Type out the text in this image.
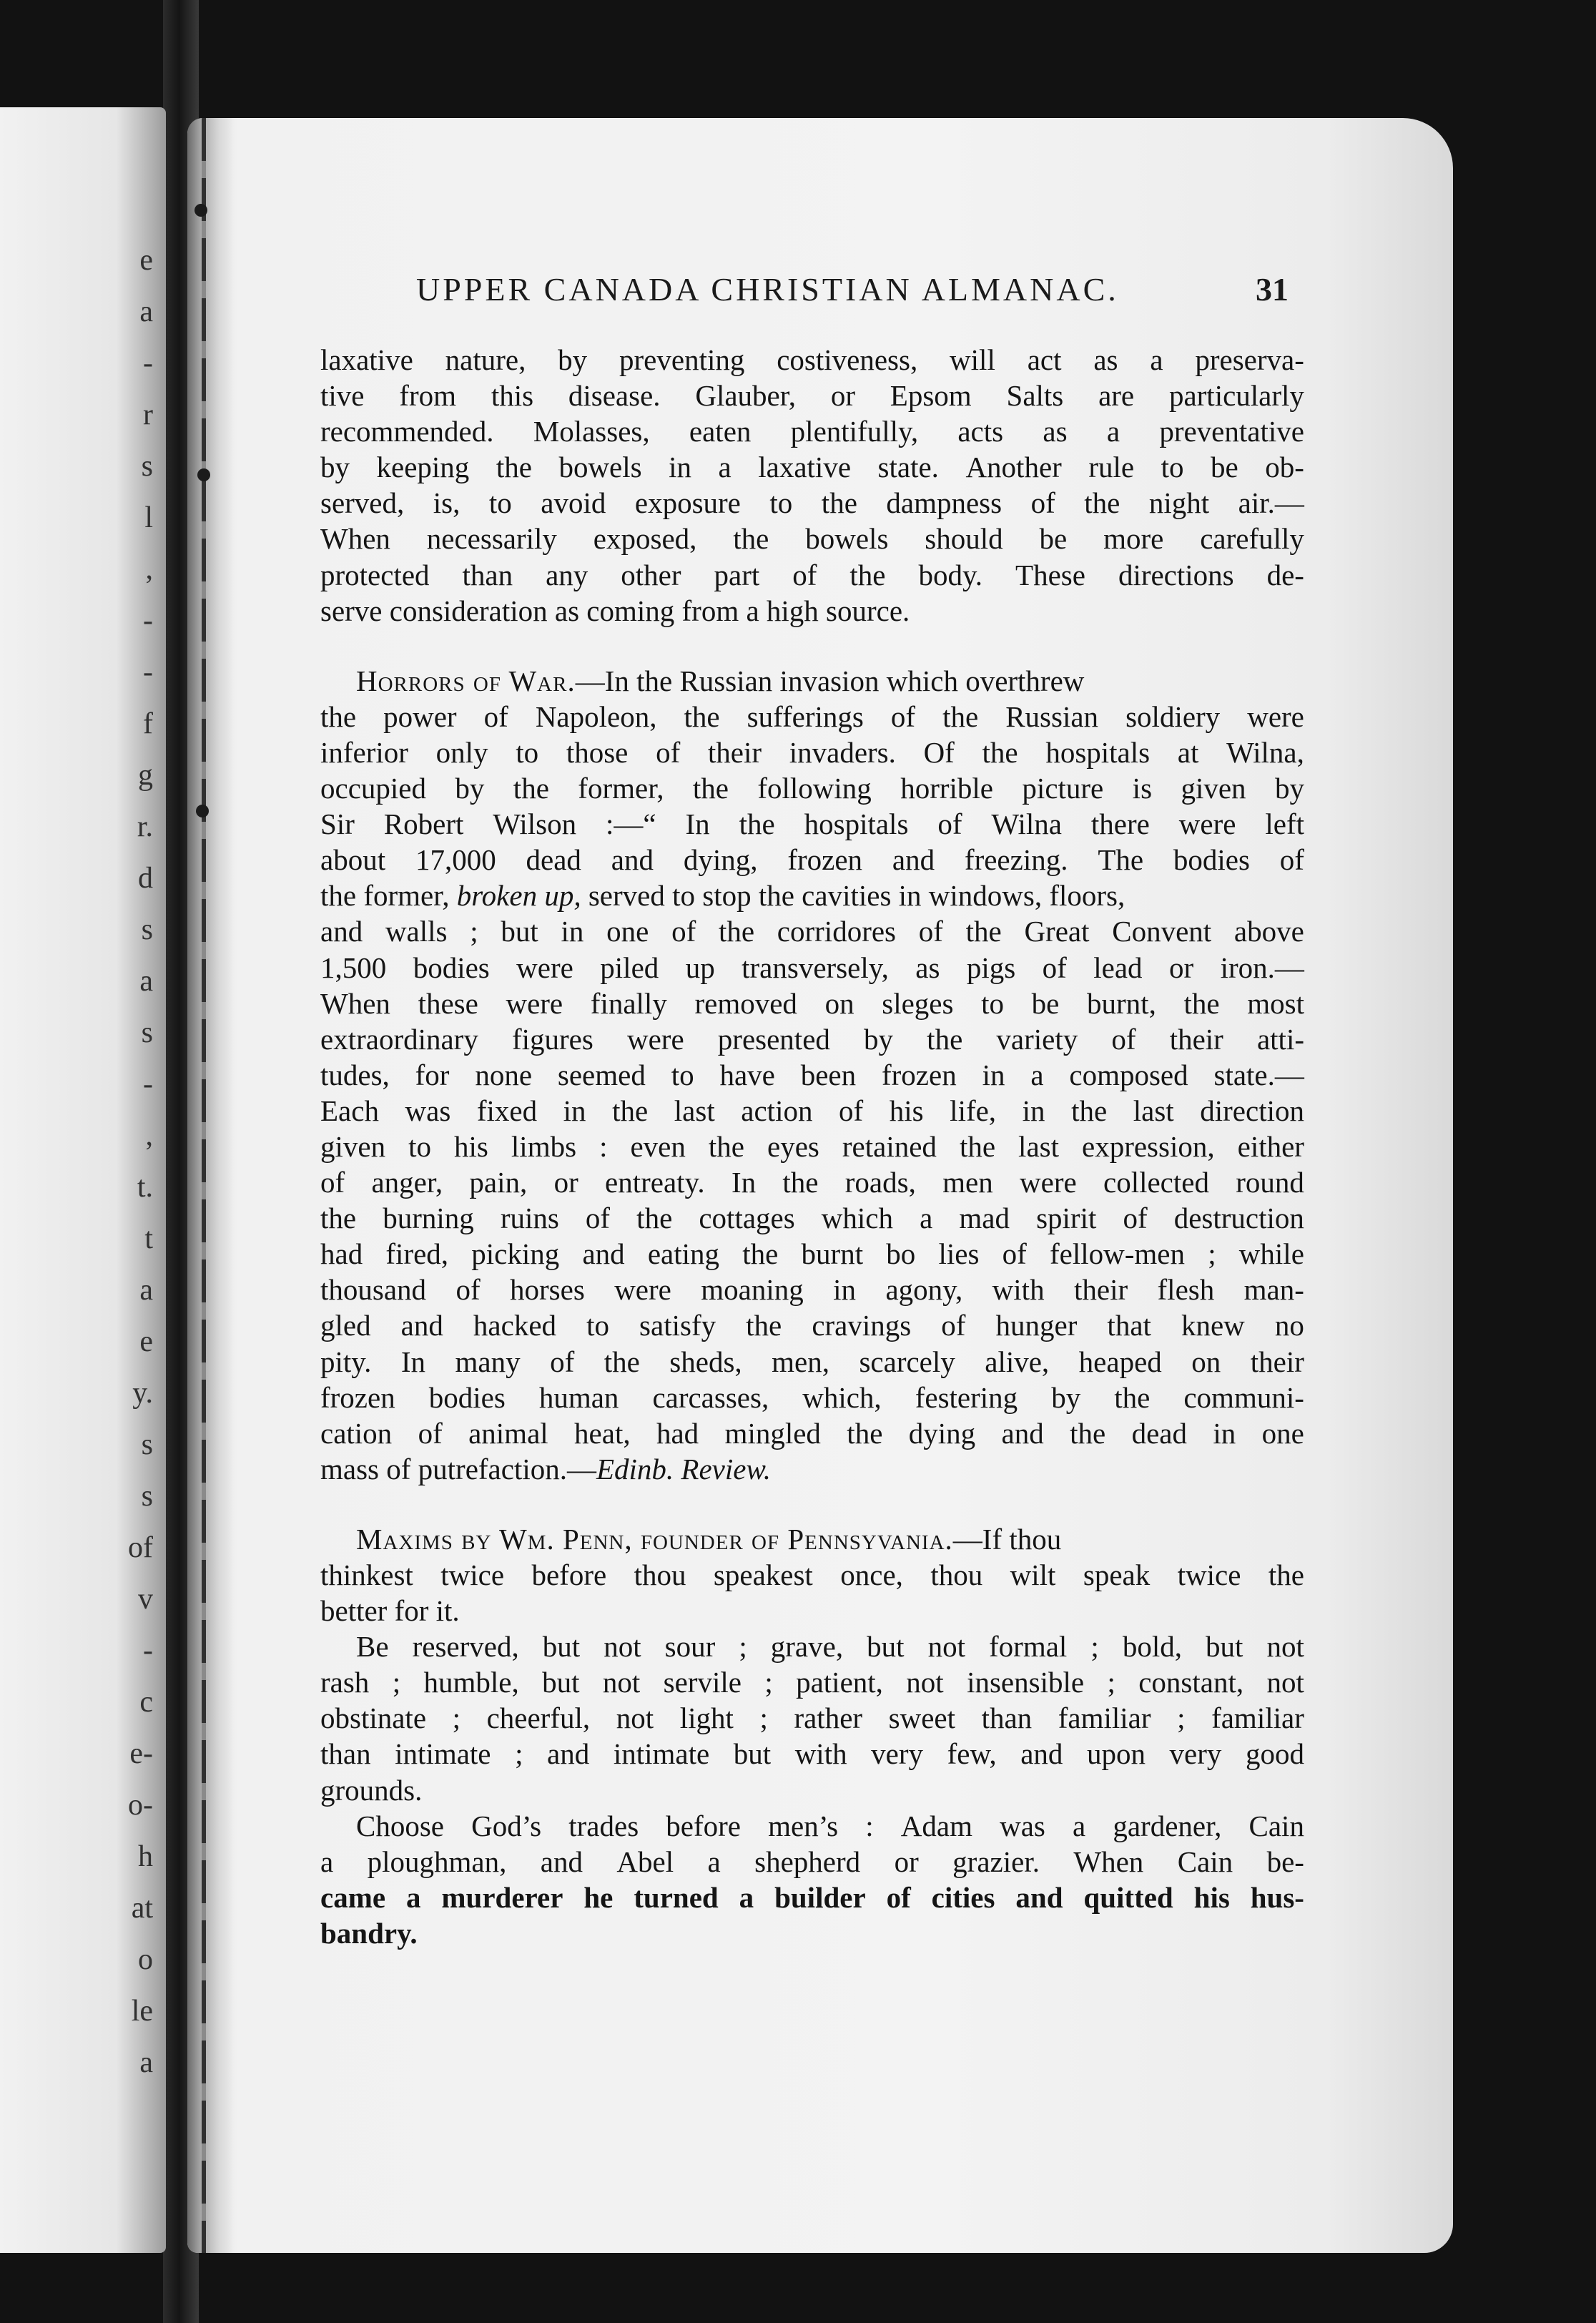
e
a
-
r
s
l
,
-
-
f
g
r.
d
s
a
s
-
,
t.
t
a
e
y.
s
s
of
v
-
c
e-
o-
h
at
o
le
a
UPPER CANADA CHRISTIAN ALMANAC.	31
laxative nature, by preventing costiveness, will act as a preserva-
tive from this disease. Glauber, or Epsom Salts are particularly
recommended. Molasses, eaten plentifully, acts as a preventative
by keeping the bowels in a laxative state. Another rule to be ob-
served, is, to avoid exposure to the dampness of the night air.—
When necessarily exposed, the bowels should be more carefully
protected than any other part of the body. These directions de-
serve consideration as coming from a high source.
Horrors of War.—In the Russian invasion which overthrew
the power of Napoleon, the sufferings of the Russian soldiery were
inferior only to those of their invaders. Of the hospitals at Wilna,
occupied by the former, the following horrible picture is given by
Sir Robert Wilson :—“ In the hospitals of Wilna there were left
about 17,000 dead and dying, frozen and freezing. The bodies of
the former, broken up, served to stop the cavities in windows, floors,
and walls ; but in one of the corridores of the Great Convent above
1,500 bodies were piled up transversely, as pigs of lead or iron.—
When these were finally removed on sleges to be burnt, the most
extraordinary figures were presented by the variety of their atti-
tudes, for none seemed to have been frozen in a composed state.—
Each was fixed in the last action of his life, in the last direction
given to his limbs : even the eyes retained the last expression, either
of anger, pain, or entreaty. In the roads, men were collected round
the burning ruins of the cottages which a mad spirit of destruction
had fired, picking and eating the burnt bo lies of fellow-men ; while
thousand of horses were moaning in agony, with their flesh man-
gled and hacked to satisfy the cravings of hunger that knew no
pity. In many of the sheds, men, scarcely alive, heaped on their
frozen bodies human carcasses, which, festering by the communi-
cation of animal heat, had mingled the dying and the dead in one
mass of putrefaction.—Edinb. Review.
Maxims by Wm. Penn, founder of Pennsyvania.—If thou
thinkest twice before thou speakest once, thou wilt speak twice the
better for it.
Be reserved, but not sour ; grave, but not formal ; bold, but not
rash ; humble, but not servile ; patient, not insensible ; constant, not
obstinate ; cheerful, not light ; rather sweet than familiar ; familiar
than intimate ; and intimate but with very few, and upon very good
grounds.
Choose God’s trades before men’s : Adam was a gardener, Cain
a ploughman, and Abel a shepherd or grazier. When Cain be-
came a murderer he turned a builder of cities and quitted his hus-
bandry.
